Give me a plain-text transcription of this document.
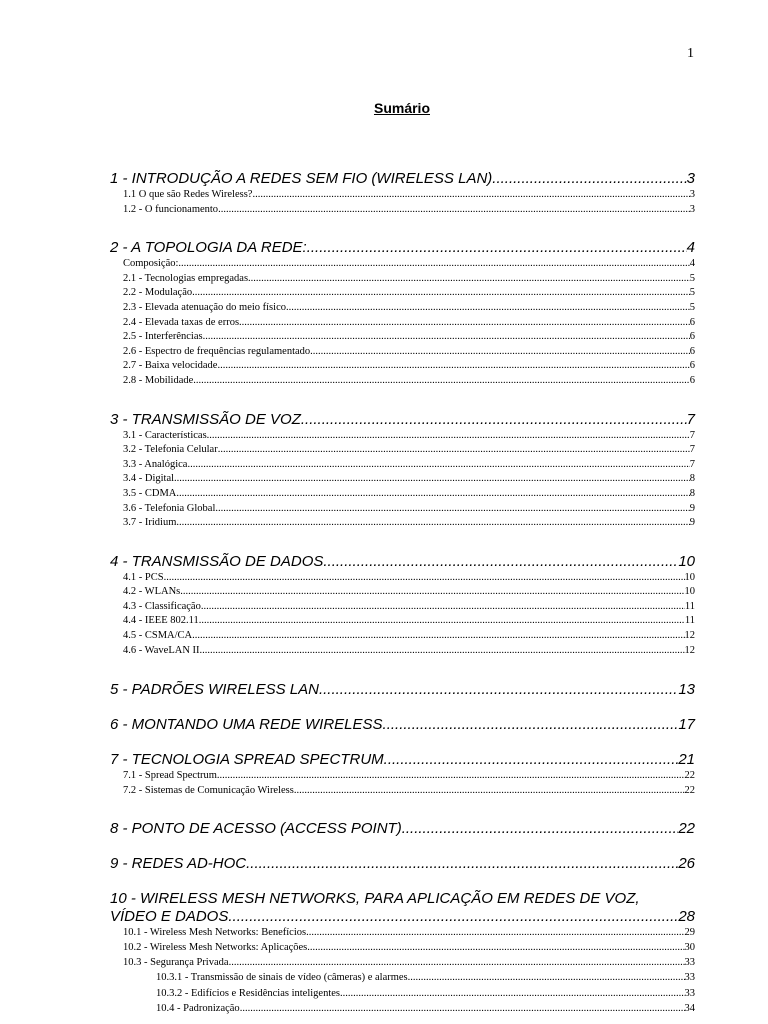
1
Sumário
1 - INTRODUÇÃO A REDES SEM FIO (WIRELESS LAN) .....	3
1.1 O que são Redes Wireless? .....	3
1.2 - O funcionamento .....	3
2 - A TOPOLOGIA DA REDE: .....	4
Composição: .....	4
2.1 - Tecnologias empregadas .....	5
2.2 - Modulação .....	5
2.3 - Elevada atenuação do meio físico .....	5
2.4 - Elevada taxas de erros .....	6
2.5 - Interferências .....	6
2.6 - Espectro de frequências regulamentado .....	6
2.7 - Baixa velocidade .....	6
2.8 - Mobilidade .....	6
3 - TRANSMISSÃO DE VOZ .....	7
3.1 - Características .....	7
3.2 - Telefonia Celular .....	7
3.3 - Analógica .....	7
3.4 - Digital .....	8
3.5 - CDMA .....	8
3.6 - Telefonia Global .....	9
3.7 - Iridium .....	9
4 - TRANSMISSÃO DE DADOS .....	10
4.1 - PCS .....	10
4.2 - WLANs .....	10
4.3 - Classificação .....	11
4.4 - IEEE 802.11 .....	11
4.5 - CSMA/CA .....	12
4.6 - WaveLAN II .....	12
5 - PADRÕES WIRELESS LAN .....	13
6 - MONTANDO UMA REDE WIRELESS .....	17
7 - TECNOLOGIA SPREAD SPECTRUM .....	21
7.1 - Spread Spectrum .....	22
7.2 - Sistemas de Comunicação Wireless .....	22
8 - PONTO DE ACESSO (ACCESS POINT) .....	22
9 - REDES AD-HOC .....	26
10 - WIRELESS MESH NETWORKS, PARA APLICAÇÃO EM REDES DE VOZ,
VÍDEO E DADOS .....	28
10.1 - Wireless Mesh Networks: Benefícios .....	29
10.2 - Wireless Mesh Networks: Aplicações .....	30
10.3 - Segurança Privada .....	33
10.3.1 - Transmissão de sinais de vídeo (câmeras) e alarmes .....	33
10.3.2 - Edifícios e Residências inteligentes .....	33
10.4 - Padronização .....	34
